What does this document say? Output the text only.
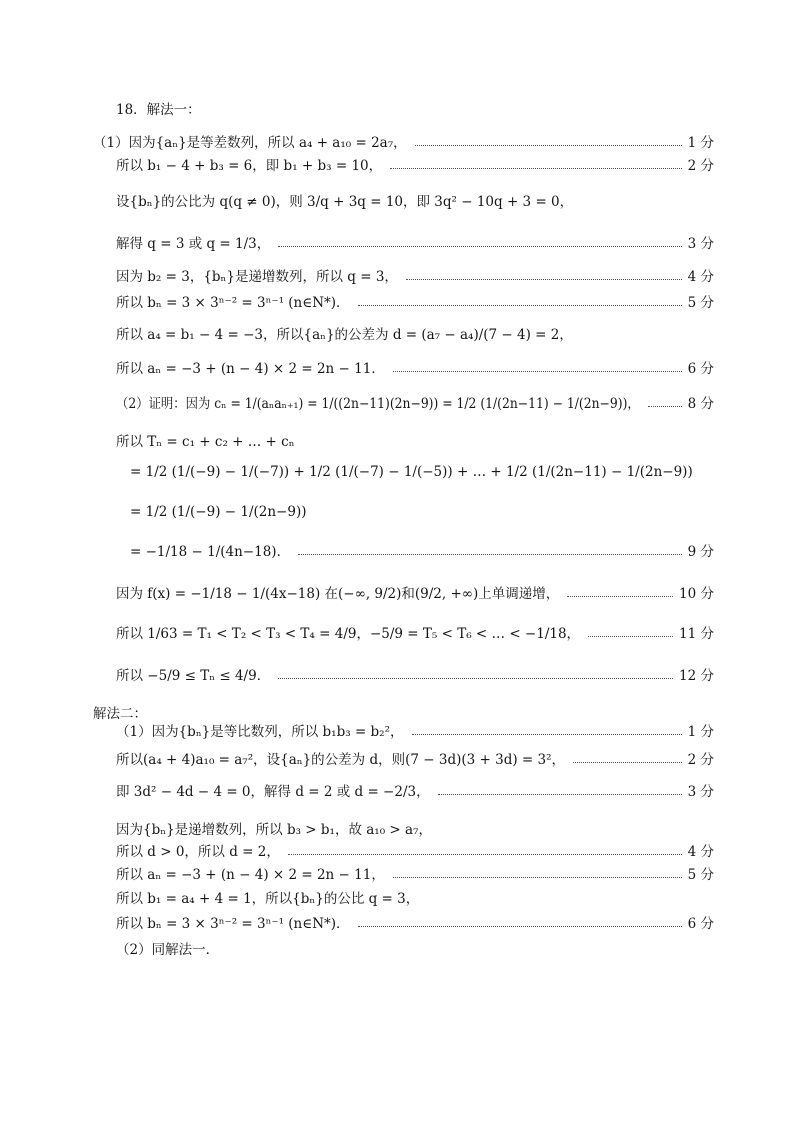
18．解法一：
（1）因为{aₙ}是等差数列，所以 a₄ + a₁₀ = 2a₇，	1 分
所以 b₁ − 4 + b₃ = 6，即 b₁ + b₃ = 10，	2 分
设{bₙ}的公比为 q(q ≠ 0)，则 3/q + 3q = 10，即 3q² − 10q + 3 = 0，
解得 q = 3 或 q = 1/3，	3 分
因为 b₂ = 3，{bₙ}是递增数列，所以 q = 3，	4 分
所以 bₙ = 3 × 3ⁿ⁻² = 3ⁿ⁻¹ (n∈N*)．	5 分
所以 a₄ = b₁ − 4 = −3，所以{aₙ}的公差为 d = (a₇ − a₄)/(7 − 4) = 2，
所以 aₙ = −3 + (n − 4) × 2 = 2n − 11．	6 分
（2）证明：因为 cₙ = 1/(aₙaₙ₊₁) = 1/((2n−11)(2n−9)) = 1/2 (1/(2n−11) − 1/(2n−9))，	8 分
所以 Tₙ = c₁ + c₂ + … + cₙ
= 1/2 (1/(−9) − 1/(−7)) + 1/2 (1/(−7) − 1/(−5)) + … + 1/2 (1/(2n−11) − 1/(2n−9))
= 1/2 (1/(−9) − 1/(2n−9))
= −1/18 − 1/(4n−18)．	9 分
因为 f(x) = −1/18 − 1/(4x−18) 在(−∞, 9/2)和(9/2, +∞)上单调递增，	10 分
所以 1/63 = T₁ < T₂ < T₃ < T₄ = 4/9，−5/9 = T₅ < T₆ < … < −1/18，	11 分
所以 −5/9 ≤ Tₙ ≤ 4/9．	12 分
解法二：
（1）因为{bₙ}是等比数列，所以 b₁b₃ = b₂²，	1 分
所以(a₄ + 4)a₁₀ = a₇²，设{aₙ}的公差为 d，则(7 − 3d)(3 + 3d) = 3²，	2 分
即 3d² − 4d − 4 = 0，解得 d = 2 或 d = −2/3，	3 分
因为{bₙ}是递增数列，所以 b₃ > b₁，故 a₁₀ > a₇，
所以 d > 0，所以 d = 2，	4 分
所以 aₙ = −3 + (n − 4) × 2 = 2n − 11，	5 分
所以 b₁ = a₄ + 4 = 1，所以{bₙ}的公比 q = 3，
所以 bₙ = 3 × 3ⁿ⁻² = 3ⁿ⁻¹ (n∈N*)．	6 分
（2）同解法一．
